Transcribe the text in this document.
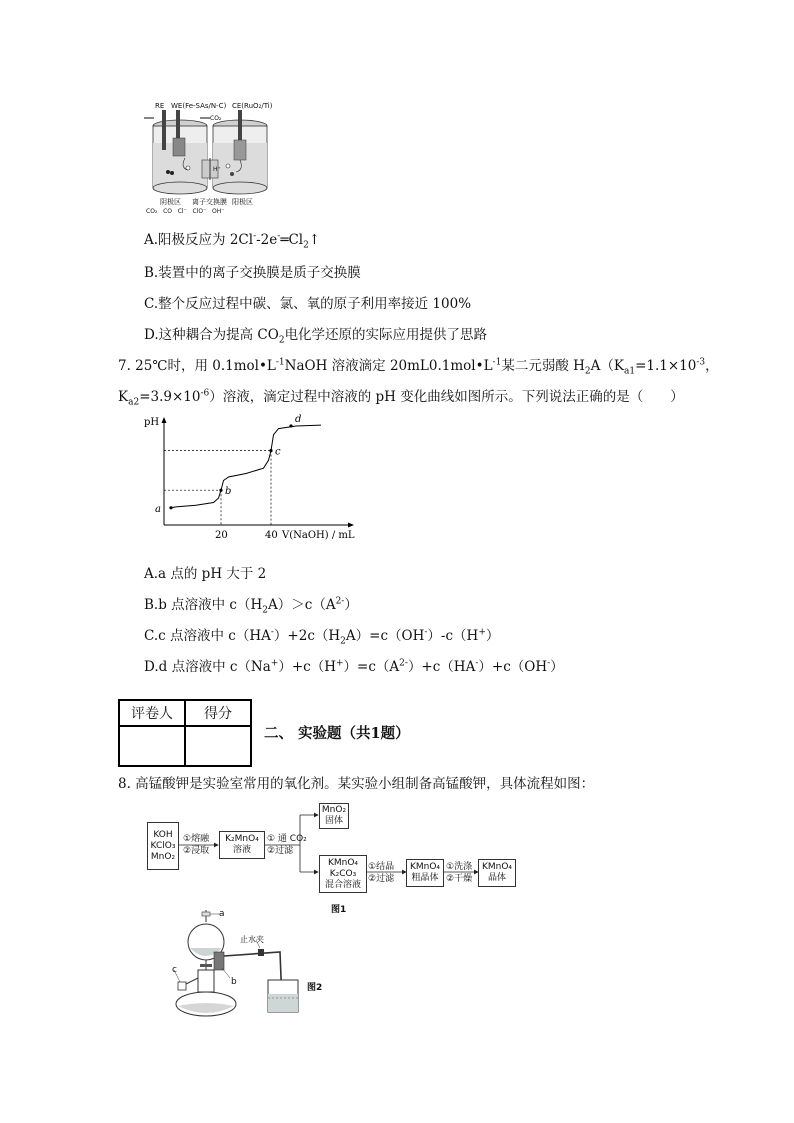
RE WE(Fe-SAs/N-C)
CO₂
CE(RuO₂/Ti)
H⁺
阴极区 离子交换膜 阳极区
CO₂ CO Cl⁻ ClO⁻ OH⁻
A.阳极反应为 $2Cl^--2e^-═Cl_2↑$
B.装置中的离子交换膜是质子交换膜
C.整个反应过程中碳、氯、氧的原子利用率接近 100%
D.这种耦合为提高 $CO_2$电化学还原的实际应用提供了思路
7. 25℃时，用 $0.1mol•L^{-1}NaOH$ 溶液滴定 $20mL0.1mol•L^{-1}$某二元弱酸 $H_2A(K_{a1}=1.1\times 10^{-3}$，
$K_{a2}=3.9\times 10^{-6}$）溶液，滴定过程中溶液的 pH 变化曲线如图所示。下列说法正确的是（　　）
a
b
c
d
20	40
pH
V(NaOH) / mL
A.a 点的 pH 大于 2
B.b 点溶液中 $c(H_2A)>c(A^{2-})$
C.c 点溶液中 $c(HA^-)+2c(H_2A)=c(OH^-)-c(H^+)$
D.d 点溶液中 $c(Na^+)+c(H^+)=c(A^{2-})+c(HA^-)+c(OH^-)$
评卷人	得分

二、 实验题（共1题）
8. 高锰酸钾是实验室常用的氧化剂。某实验小组制备高锰酸钾，具体流程如图：
KOH
KClO₃
MnO₂
①熔融
②浸取
K₂MnO₄
溶液
① 通 CO₂
②过滤
MnO₂
固体
KMnO₄
K₂CO₃
混合溶液
①结晶
②过滤
KMnO₄
粗晶体
①洗涤
②干燥
KMnO₄
晶体
图1
a
b
c
止水夹
图2
